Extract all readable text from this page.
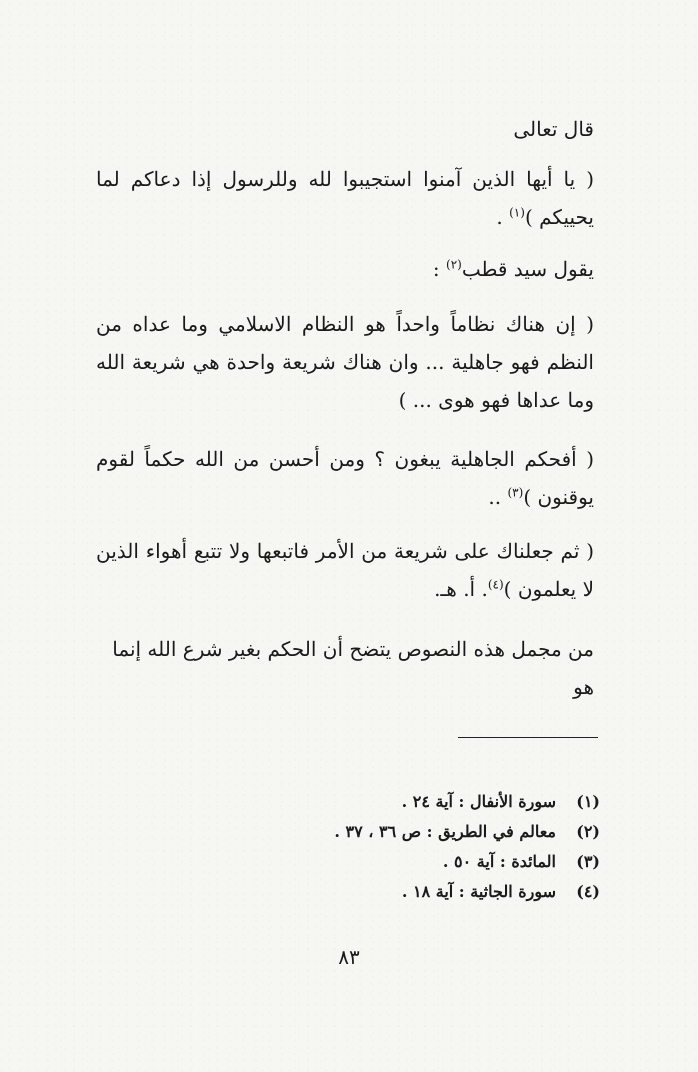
قال تعالى

( يا أيها الذين آمنوا استجيبوا لله وللرسول إذا دعاكم لما يحييكم )$^{(١)}$ .

يقول سيد قطب$^{(٢)}$ :

( إن هناك نظاماً واحداً هو النظام الاسلامي وما عداه من النظم فهو جاهلية ... وان هناك شريعة واحدة هي شريعة الله وما عداها فهو هوى ... )

( أفحكم الجاهلية يبغون ؟ ومن أحسن من الله حكماً لقوم يوقنون )$^{(٣)}$ ..

( ثم جعلناك على شريعة من الأمر فاتبعها ولا تتبع أهواء الذين لا يعلمون )$^{(٤)}$. أ. هـ.

من مجمل هذه النصوص يتضح أن الحكم بغير شرع الله إنما هو

(١)
سورة الأنفال : آية ٢٤ .
(٢)
معالم في الطريق : ص ٣٦ ، ٣٧ .
(٣)
المائدة : آية ٥٠ .
(٤)
سورة الجاثية : آية ١٨ .
٨٣
